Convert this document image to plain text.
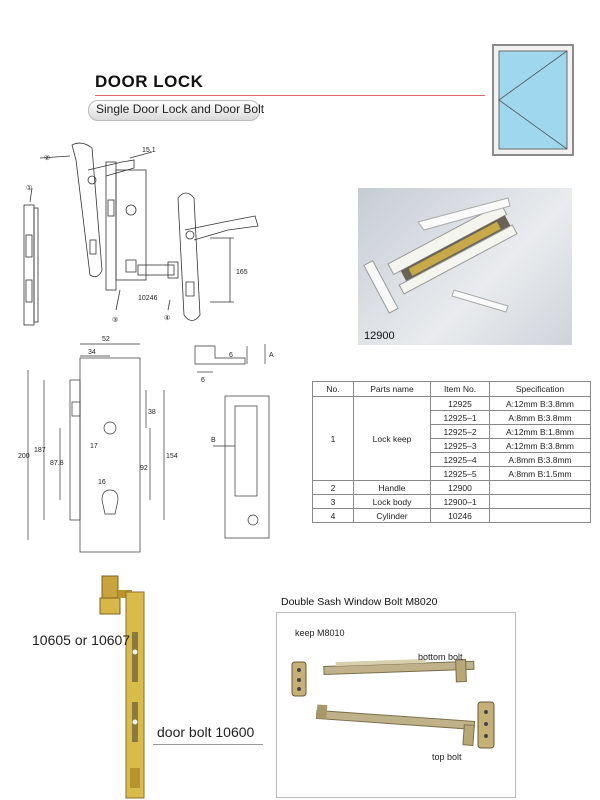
DOOR LOCK
Single Door Lock and Door Bolt
②
①
③	④
15.1
165
10246
52
34
38
17
200
187
87.8
92
154
16
6	A
6
B
12900
No.	Parts name	Item No.	Specification
1	Lock keep	12925	A:12mm B:3.8mm
		12925–1	A:8mm B:3.8mm
		12925–2	A:12mm B:1.8mm
		12925–3	A:12mm B:3.8mm
		12925–4	A:8mm B:3.8mm
		12925–5	A:8mm B:1.5mm
2	Handle	12900	
3	Lock body	12900–1	
4	Cylinder	10246	
10605 or 10607
door bolt 10600
Double Sash Window Bolt M8020
keep M8010
bottom bolt
top bolt
